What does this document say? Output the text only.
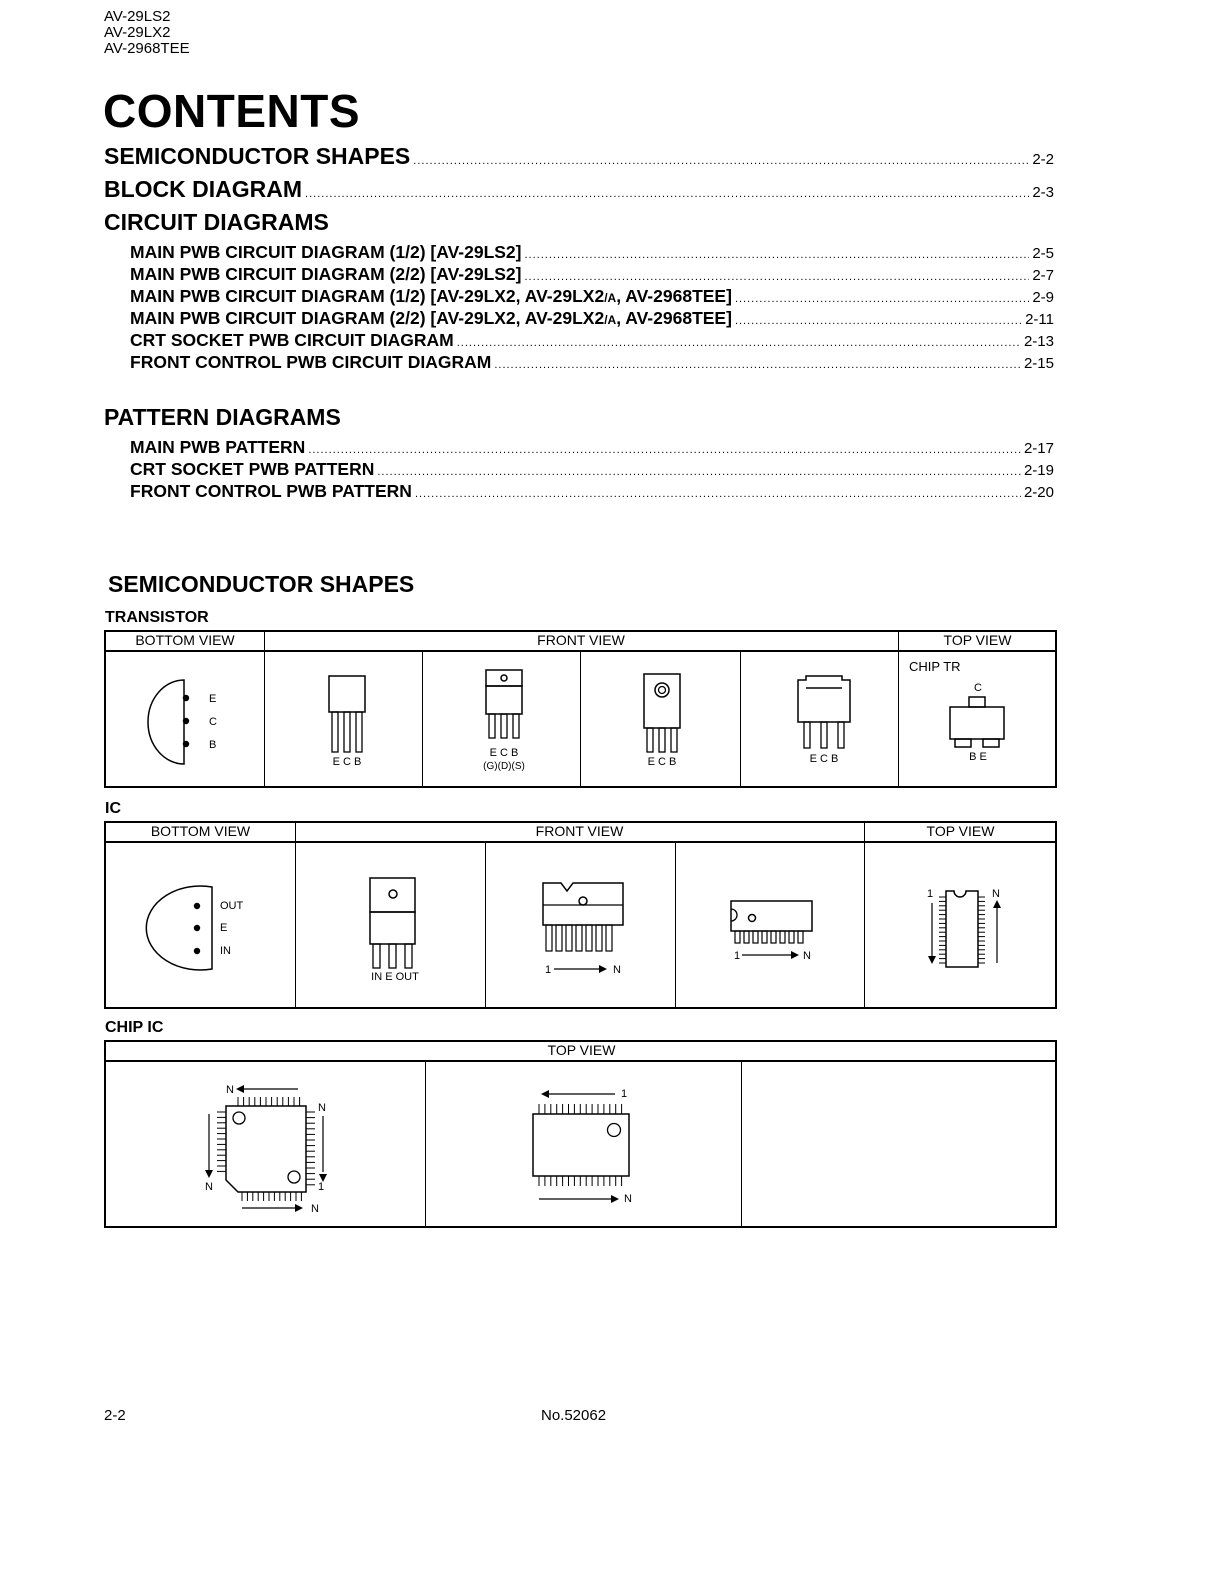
AV-29LS2
AV-29LX2
AV-2968TEE
CONTENTS
SEMICONDUCTOR SHAPES .....	2-2
BLOCK DIAGRAM .....	2-3
CIRCUIT DIAGRAMS
MAIN PWB CIRCUIT DIAGRAM (1/2) [AV-29LS2] .....	2-5
MAIN PWB CIRCUIT DIAGRAM (2/2) [AV-29LS2] .....	2-7
MAIN PWB CIRCUIT DIAGRAM (1/2) [AV-29LX2, AV-29LX2/A, AV-2968TEE] .....	2-9
MAIN PWB CIRCUIT DIAGRAM (2/2) [AV-29LX2, AV-29LX2/A, AV-2968TEE] .....	2-11
CRT SOCKET PWB CIRCUIT DIAGRAM .....	2-13
FRONT CONTROL PWB CIRCUIT DIAGRAM .....	2-15
PATTERN DIAGRAMS
MAIN PWB PATTERN .....	2-17
CRT SOCKET PWB PATTERN .....	2-19
FRONT CONTROL PWB PATTERN .....	2-20
SEMICONDUCTOR SHAPES
TRANSISTOR
BOTTOM VIEW	FRONT VIEW	TOP VIEW
E
C
B
E C B
E C B
(G)(D)(S)	E C B	E C B
CHIP TR
C
B E
IC
BOTTOM VIEW	FRONT VIEW	TOP VIEW
OUT
E
IN
IN E OUT
1	N
1	N
1	N
CHIP IC
TOP VIEW
N
N
1
N
N
1
N
2-2	No.52062
